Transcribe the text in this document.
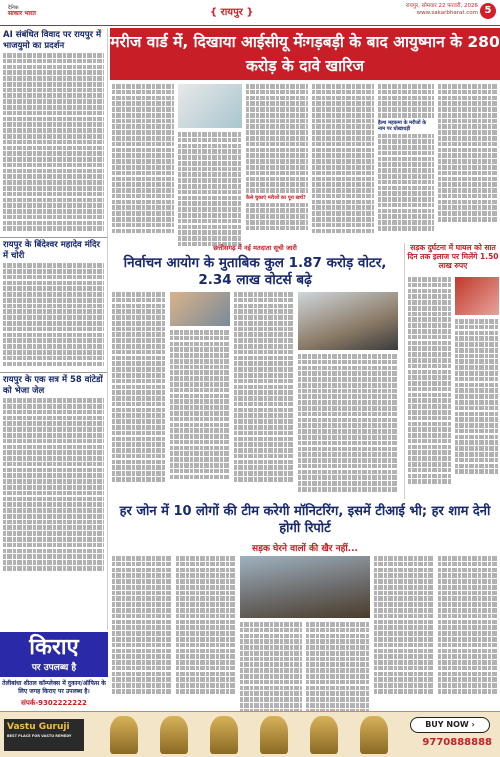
दैनिक
साकार भारत	{ रायपुर }
रायपुर, सोमवार 22 फरवरी, 2026
www.sakarbharat.com 5
AI संबंधित विवाद पर रायपुर में भाजयुमो का प्रदर्शन
रायपुर के बिंदेश्वर महादेव मंदिर में चोरी
रायपुर के एक सत्र में 58 वांटेडों को भेजा जेल
मरीज वार्ड में, दिखाया आईसीयू मेंःगड़बड़ी के बाद आयुष्मान के 280 करोड़ के दावे खारिज
कैसे चुकाएं मरीजों का पूरा खर्च?
हैल्थ महकमा के मरीजों के नाम पर धोखाधड़ी
छत्तीसगढ़ में नई मतदाता सूची जारी
निर्वाचन आयोग के मुताबिक कुल 1.87 करोड़ वोटर, 2.34 लाख वोटर्स बढ़े
सड़क दुर्घटना में घायल को सात दिन तक इलाज पर मिलेंगे 1.50 लाख रुपए
हर जोन में 10 लोगों की टीम करेगी मॉनिटरिंग, इसमें टीआई भी; हर शाम देनी होगी रिपोर्ट
सड़क घेरने वालों की खैर नहीं...
किराए
पर उपलब्ध है
तेलीबांधा शीतल कॉम्प्लेक्स में दुकान/ऑफिस के लिए जगह किराए पर उपलब्ध है।
संपर्क-9302222222
Vastu Guruji
BEST PLACE FOR VASTU REMEDY
BUY NOW ›
9770888888
